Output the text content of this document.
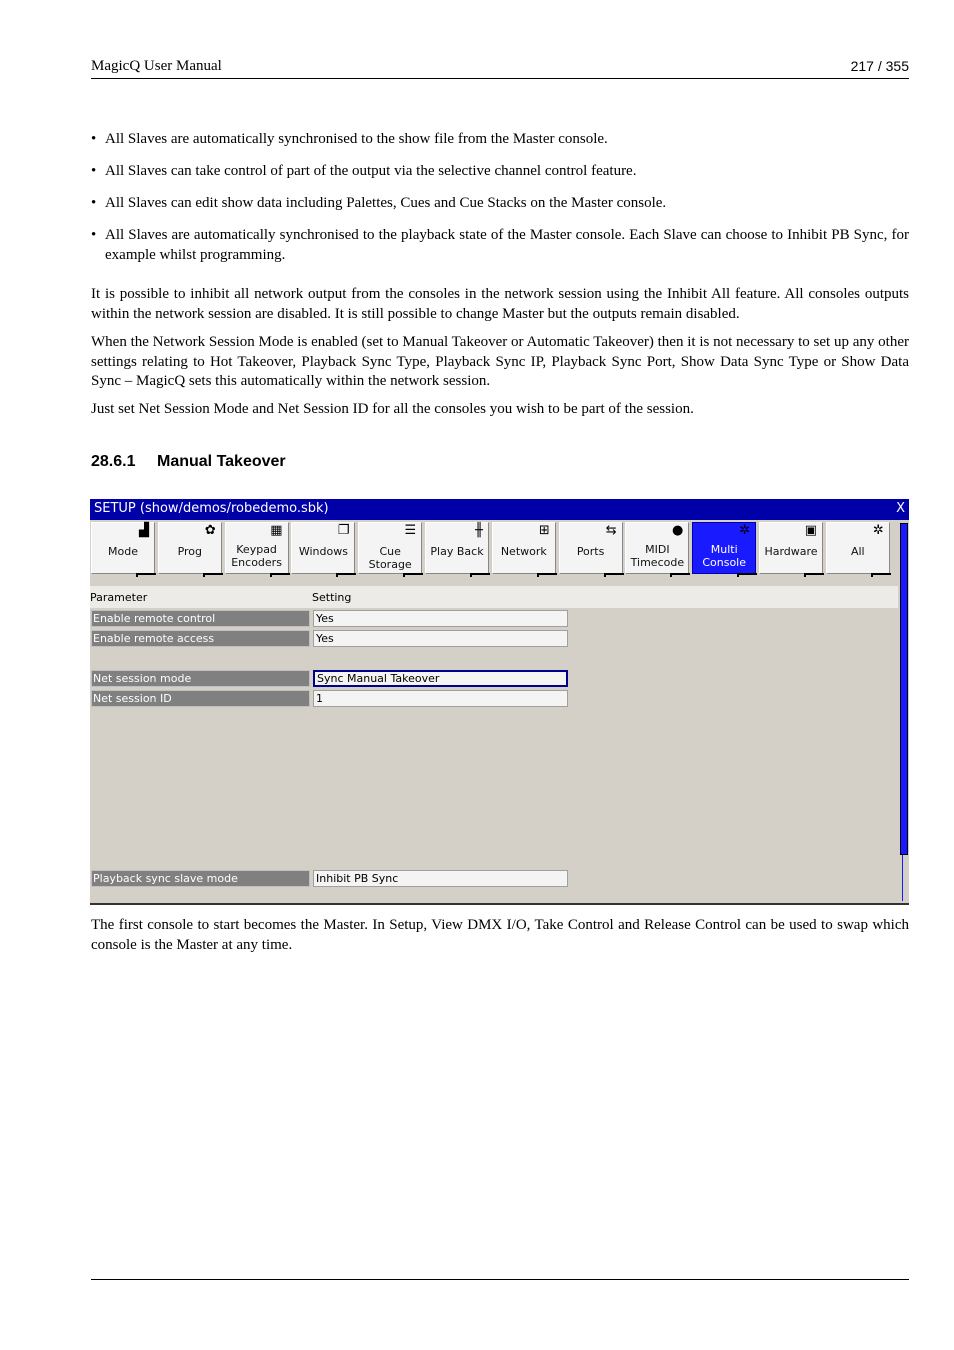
MagicQ User Manual	217 / 355
• All Slaves are automatically synchronised to the show file from the Master console.
• All Slaves can take control of part of the output via the selective channel control feature.
• All Slaves can edit show data including Palettes, Cues and Cue Stacks on the Master console.
• All Slaves are automatically synchronised to the playback state of the Master console. Each Slave can choose to Inhibit PB Sync, for example whilst programming.

It is possible to inhibit all network output from the consoles in the network session using the Inhibit All feature. All consoles outputs within the network session are disabled. It is still possible to change Master but the outputs remain disabled.

When the Network Session Mode is enabled (set to Manual Takeover or Automatic Takeover) then it is not necessary to set up any other settings relating to Hot Takeover, Playback Sync Type, Playback Sync IP, Playback Sync Port, Show Data Sync Type or Show Data Sync – MagicQ sets this automatically within the network session.

Just set Net Session Mode and Net Session ID for all the consoles you wish to be part of the session.

28.6.1 Manual Takeover
SETUP (show/demos/robedemo.sbk)	X
▟
Mode
✿
Prog
▦
Keypad
Encoders
❐
Windows
☰
Cue Storage
╫
Play Back
⊞
Network
⇆
Ports
●
MIDI
Timecode
✲
Multi
Console
▣
Hardware
✲
All
Parameter	Setting
Enable remote control	Yes
Enable remote access	Yes
Net session mode	Sync Manual Takeover
Net session ID	1
Playback sync slave mode	Inhibit PB Sync

The first console to start becomes the Master. In Setup, View DMX I/O, Take Control and Release Control can be used to swap which console is the Master at any time.
